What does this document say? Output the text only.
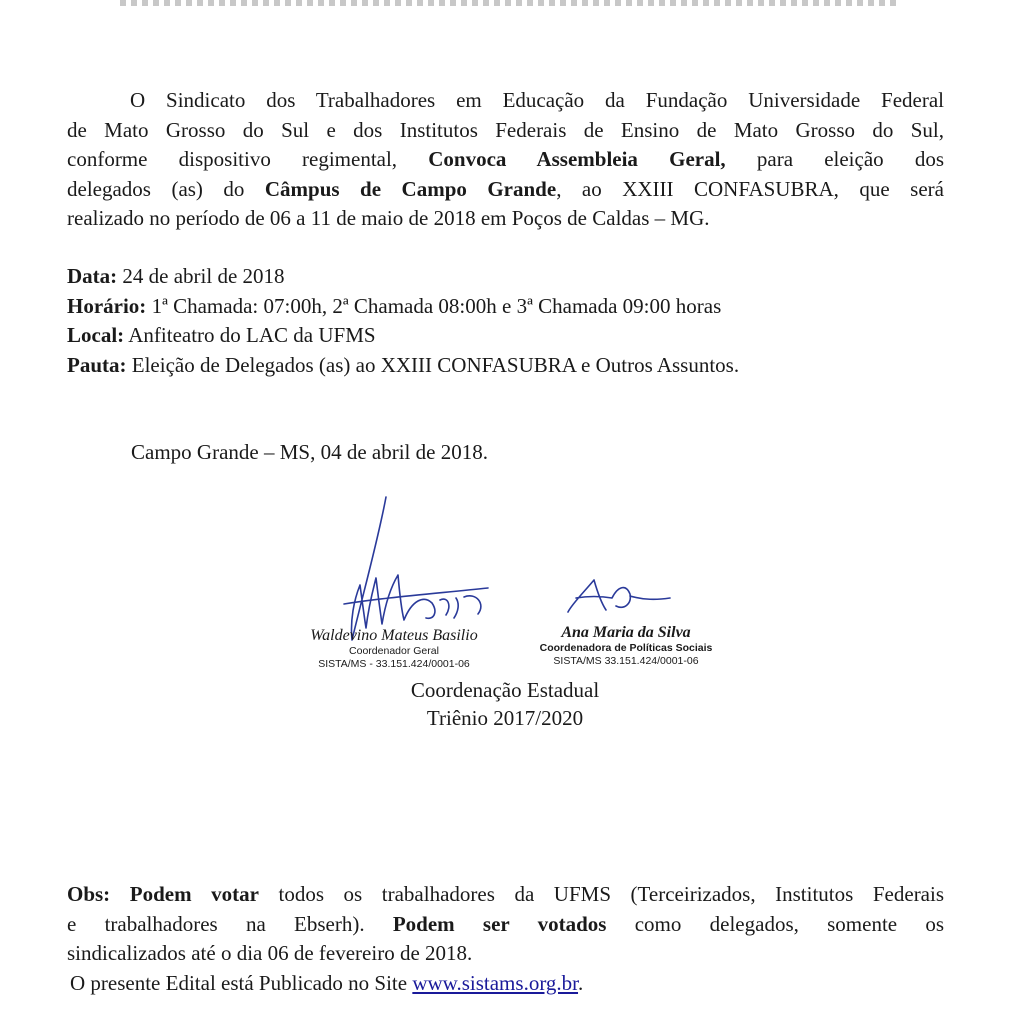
O Sindicato dos Trabalhadores em Educação da Fundação Universidade Federal
de Mato Grosso do Sul e dos Institutos Federais de Ensino de Mato Grosso do Sul,
conforme dispositivo regimental, Convoca Assembleia Geral, para eleição dos
delegados (as) do Câmpus de Campo Grande, ao XXIII CONFASUBRA, que será
realizado no período de 06 a 11 de maio de 2018 em Poços de Caldas – MG.
Data: 24 de abril de 2018
Horário: 1ª Chamada: 07:00h, 2ª Chamada 08:00h e 3ª Chamada 09:00 horas
Local: Anfiteatro do LAC da UFMS
Pauta: Eleição de Delegados (as) ao XXIII CONFASUBRA e Outros Assuntos.
Campo Grande – MS, 04 de abril de 2018.
Waldevino Mateus Basilio
Coordenador Geral
SISTA/MS - 33.151.424/0001-06
Ana Maria da Silva
Coordenadora de Políticas Sociais
SISTA/MS 33.151.424/0001-06
Coordenação Estadual
Triênio 2017/2020
Obs: Podem votar todos os trabalhadores da UFMS (Terceirizados, Institutos Federais
e trabalhadores na Ebserh). Podem ser votados como delegados, somente os
sindicalizados até o dia 06 de fevereiro de 2018.
O presente Edital está Publicado no Site www.sistams.org.br.
